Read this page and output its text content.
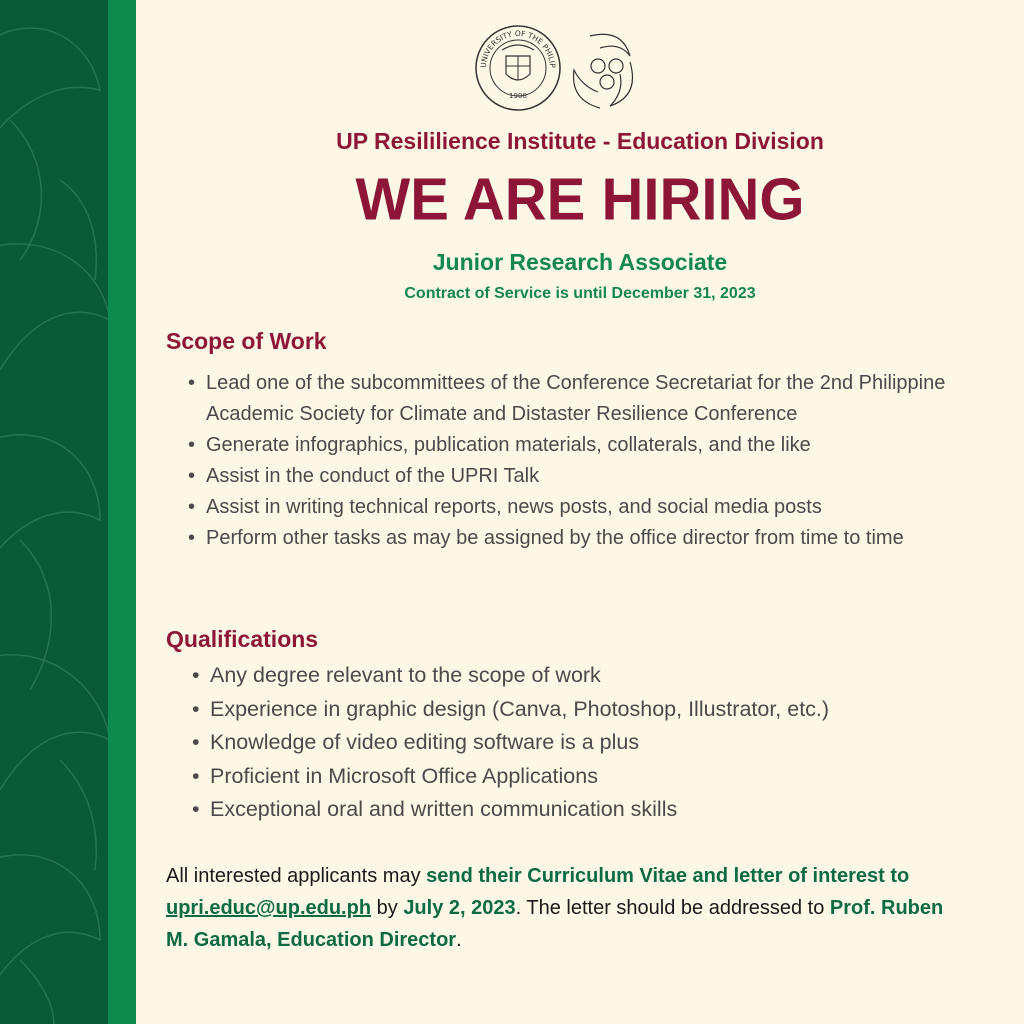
UNIVERSITY OF THE PHILIP
1908
UP Resililience Institute - Education Division
WE ARE HIRING
Junior Research Associate
Contract of Service is until December 31, 2023
Scope of Work
• Lead one of the subcommittees of the Conference Secretariat for the 2nd Philippine Academic Society for Climate and Distaster Resilience Conference
• Generate infographics, publication materials, collaterals, and the like
• Assist in the conduct of the UPRI Talk
• Assist in writing technical reports, news posts, and social media posts
• Perform other tasks as may be assigned by the office director from time to time
Qualifications
• Any degree relevant to the scope of work
• Experience in graphic design (Canva, Photoshop, Illustrator, etc.)
• Knowledge of video editing software is a plus
• Proficient in Microsoft Office Applications
• Exceptional oral and written communication skills
All interested applicants may send their Curriculum Vitae and letter of interest to upri.educ@up.edu.ph by July 2, 2023. The letter should be addressed to Prof. Ruben M. Gamala, Education Director.
